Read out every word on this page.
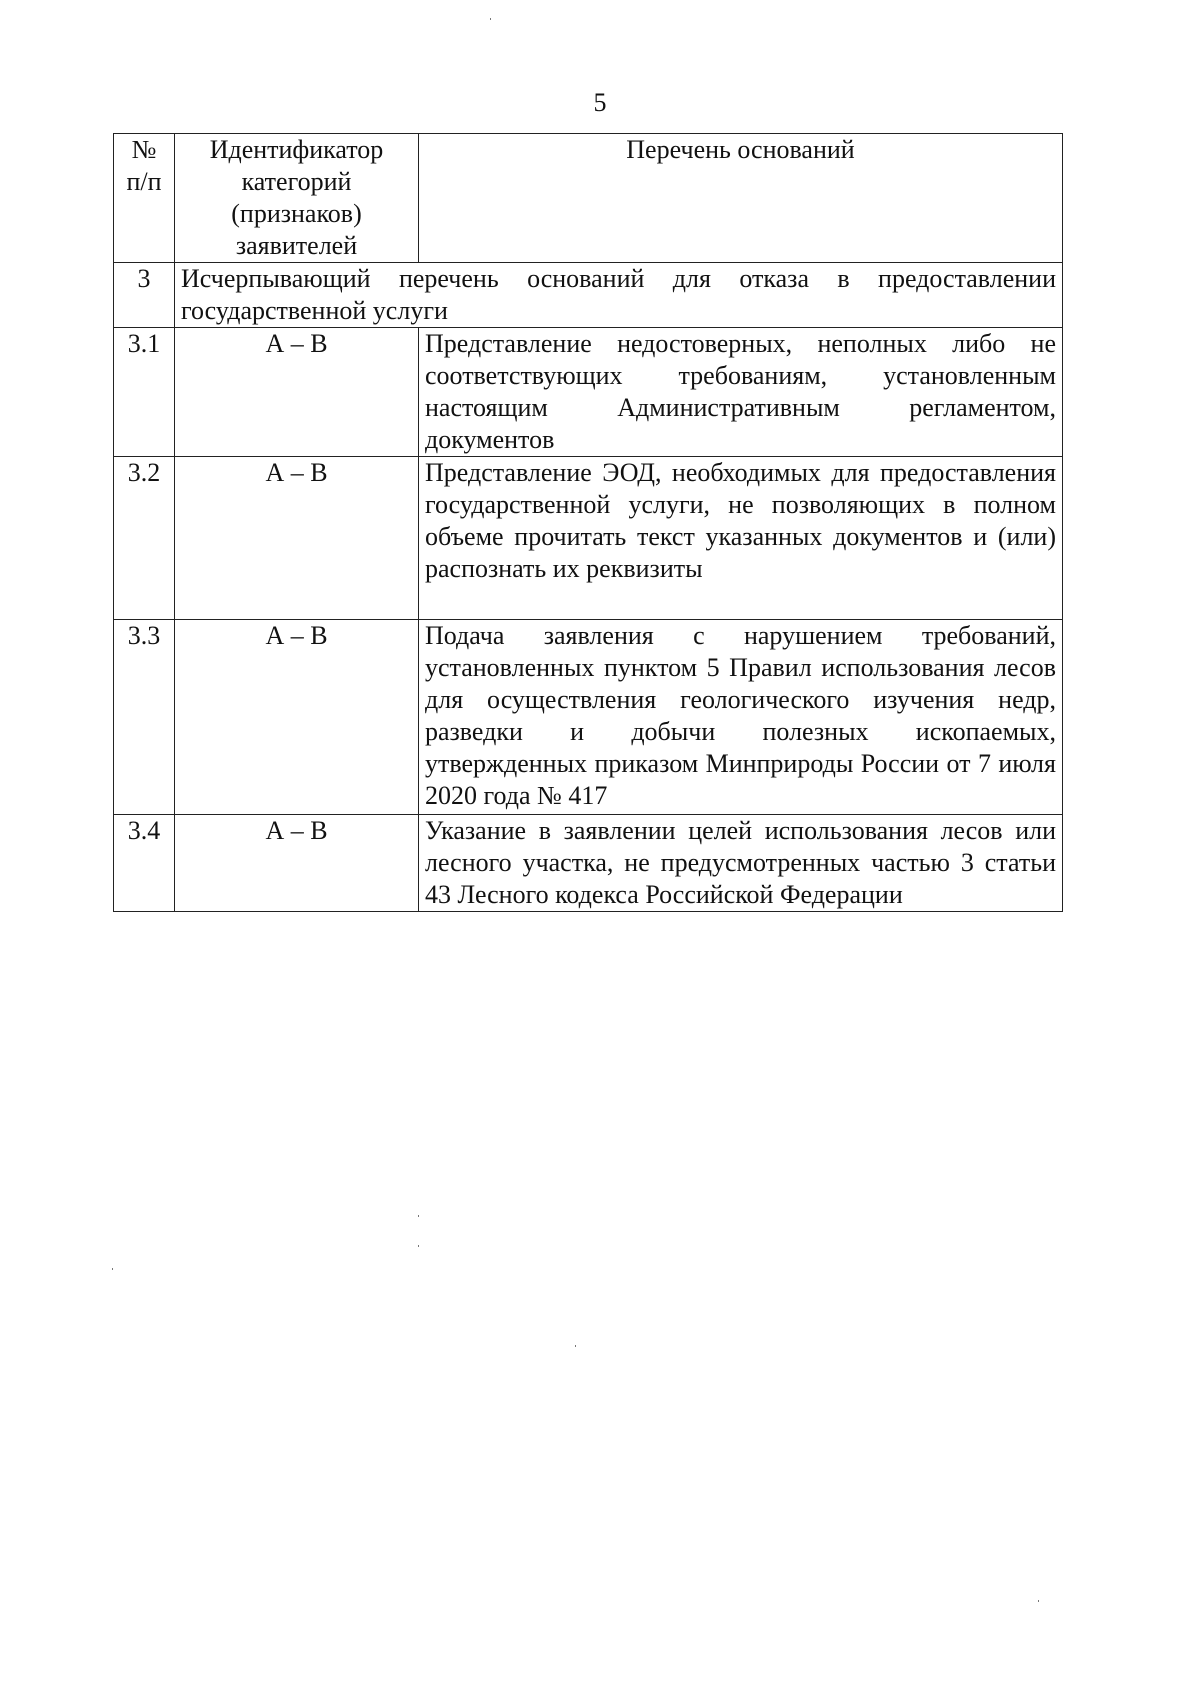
5
№ п/п	Идентификатор категорий (признаков) заявителей	Перечень оснований
3	Исчерпывающий перечень оснований для отказа в предоставлении государственной услуги	
3.1	А – В	Представление недостоверных, неполных либо не соответствующих требованиям, установленным настоящим Административным регламентом, документов
3.2	А – В	Представление ЭОД, необходимых для предоставления государственной услуги, не позволяющих в полном объеме прочитать текст указанных документов и (или) распознать их реквизиты
3.3	А – В	Подача заявления с нарушением требований, установленных пунктом 5 Правил использования лесов для осуществления геологического изучения недр, разведки и добычи полезных ископаемых, утвержденных приказом Минприроды России от 7 июля 2020 года № 417
3.4	А – В	Указание в заявлении целей использования лесов или лесного участка, не предусмотренных частью 3 статьи 43 Лесного кодекса Российской Федерации
